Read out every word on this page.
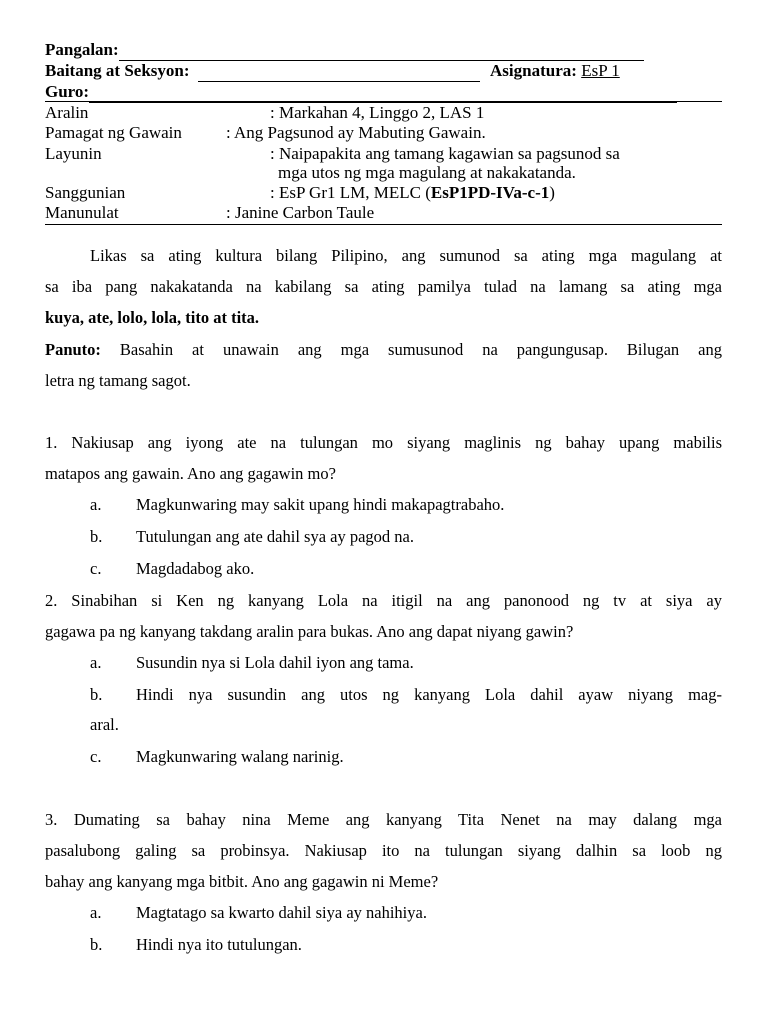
Pangalan:
Baitang at Seksyon:	Asignatura: EsP 1
Guro:
Aralin	: Markahan 4, Linggo 2, LAS 1
Pamagat ng Gawain	: Ang Pagsunod ay Mabuting Gawain.
Layunin	: Naipapakita ang tamang kagawian sa pagsunod sa
mga utos ng mga magulang at nakakatanda.
Sanggunian	: EsP Gr1 LM, MELC (EsP1PD-IVa-c-1)
Manunulat	: Janine Carbon Taule
Likas sa ating kultura bilang Pilipino, ang sumunod sa ating mga magulang at
sa iba pang nakakatanda na kabilang sa ating pamilya tulad na lamang sa ating mga
kuya, ate, lolo, lola, tito at tita.
Panuto: Basahin at unawain ang mga sumusunod na pangungusap. Bilugan ang
letra ng tamang sagot.
1. Nakiusap ang iyong ate na tulungan mo siyang maglinis ng bahay upang mabilis
matapos ang gawain. Ano ang gagawin mo?
a. Magkunwaring may sakit upang hindi makapagtrabaho.
b. Tutulungan ang ate dahil sya ay pagod na.
c. Magdadabog ako.
2. Sinabihan si Ken ng kanyang Lola na itigil na ang panonood ng tv at siya ay
gagawa pa ng kanyang takdang aralin para bukas. Ano ang dapat niyang gawin?
a. Susundin nya si Lola dahil iyon ang tama.
b. Hindi nya susundin ang utos ng kanyang Lola dahil ayaw niyang mag-
aral.
c. Magkunwaring walang narinig.
3. Dumating sa bahay nina Meme ang kanyang Tita Nenet na may dalang mga
pasalubong galing sa probinsya. Nakiusap ito na tulungan siyang dalhin sa loob ng
bahay ang kanyang mga bitbit. Ano ang gagawin ni Meme?
a. Magtatago sa kwarto dahil siya ay nahihiya.
b. Hindi nya ito tutulungan.
